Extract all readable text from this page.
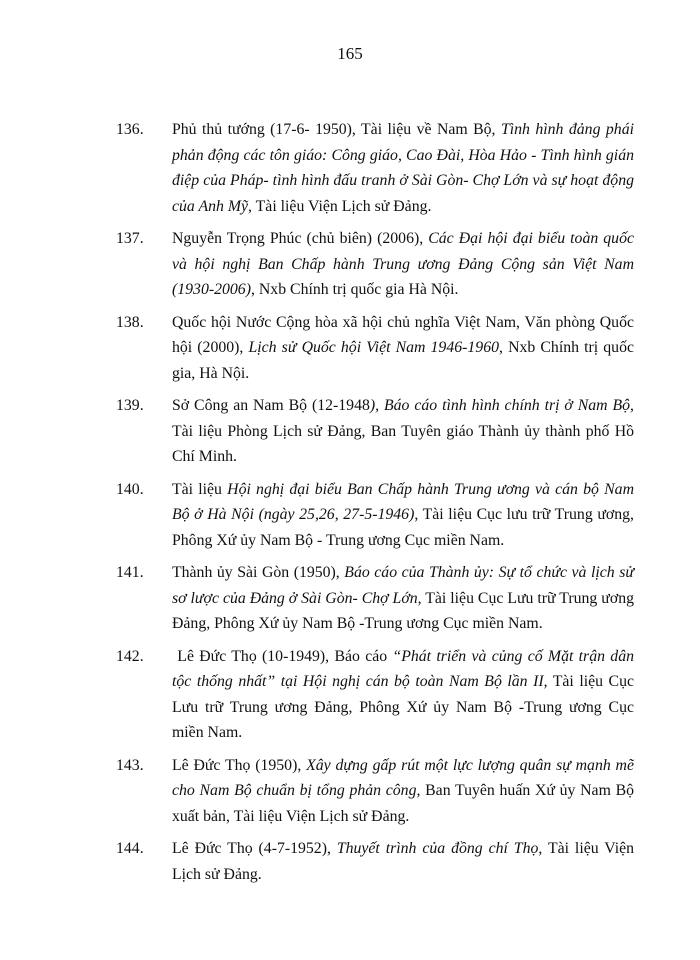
165
136. Phủ thủ tướng (17-6- 1950), Tài liệu về Nam Bộ, Tình hình đảng phái phản động các tôn giáo: Công giáo, Cao Đài, Hòa Hảo - Tình hình gián điệp của Pháp- tình hình đấu tranh ở Sài Gòn- Chợ Lớn và sự hoạt động của Anh Mỹ, Tài liệu Viện Lịch sử Đảng.
137. Nguyễn Trọng Phúc (chủ biên) (2006), Các Đại hội đại biểu toàn quốc và hội nghị Ban Chấp hành Trung ương Đảng Cộng sản Việt Nam (1930-2006), Nxb Chính trị quốc gia Hà Nội.
138. Quốc hội Nước Cộng hòa xã hội chủ nghĩa Việt Nam, Văn phòng Quốc hội (2000), Lịch sử Quốc hội Việt Nam 1946-1960, Nxb Chính trị quốc gia, Hà Nội.
139. Sở Công an Nam Bộ (12-1948), Báo cáo tình hình chính trị ở Nam Bộ, Tài liệu Phòng Lịch sử Đảng, Ban Tuyên giáo Thành ủy thành phố Hồ Chí Minh.
140. Tài liệu Hội nghị đại biểu Ban Chấp hành Trung ương và cán bộ Nam Bộ ở Hà Nội (ngày 25,26, 27-5-1946), Tài liệu Cục lưu trữ Trung ương, Phông Xứ ủy Nam Bộ - Trung ương Cục miền Nam.
141. Thành ủy Sài Gòn (1950), Báo cáo của Thành ủy: Sự tổ chức và lịch sử sơ lược của Đảng ở Sài Gòn- Chợ Lớn, Tài liệu Cục Lưu trữ Trung ương Đảng, Phông Xứ ủy Nam Bộ -Trung ương Cục miền Nam.
142. Lê Đức Thọ (10-1949), Báo cáo “Phát triển và củng cố Mặt trận dân tộc thống nhất” tại Hội nghị cán bộ toàn Nam Bộ lần II, Tài liệu Cục Lưu trữ Trung ương Đảng, Phông Xứ ủy Nam Bộ -Trung ương Cục miền Nam.
143. Lê Đức Thọ (1950), Xây dựng gấp rút một lực lượng quân sự mạnh mẽ cho Nam Bộ chuẩn bị tổng phản công, Ban Tuyên huấn Xứ ủy Nam Bộ xuất bản, Tài liệu Viện Lịch sử Đảng.
144. Lê Đức Thọ (4-7-1952), Thuyết trình của đồng chí Thọ, Tài liệu Viện Lịch sử Đảng.
